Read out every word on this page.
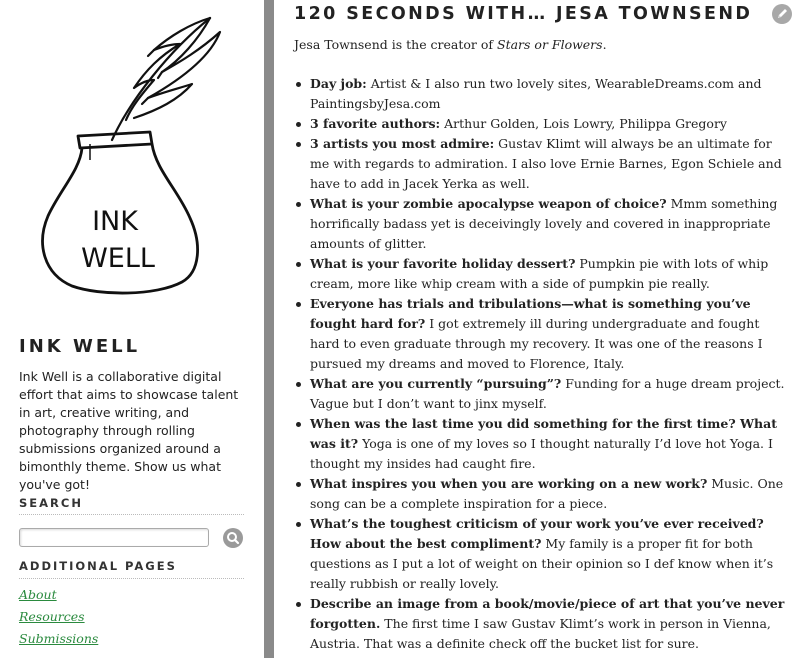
INK
WELL
INK WELL

Ink Well is a collaborative digital effort that aims to showcase talent in art, creative writing, and photography through rolling submissions organized around a bimonthly theme. Show us what you've got!

SEARCH
ADDITIONAL PAGES
About
Resources
Submissions
120 SECONDS WITH… JESA TOWNSEND

Jesa Townsend is the creator of Stars or Flowers.

Day job: Artist & I also run two lovely sites, WearableDreams.com and PaintingsbyJesa.com
3 favorite authors: Arthur Golden, Lois Lowry, Philippa Gregory
3 artists you most admire: Gustav Klimt will always be an ultimate for me with regards to admiration. I also love Ernie Barnes, Egon Schiele and have to add in Jacek Yerka as well.
What is your zombie apocalypse weapon of choice? Mmm something horrifically badass yet is deceivingly lovely and covered in inappropriate amounts of glitter.
What is your favorite holiday dessert? Pumpkin pie with lots of whip cream, more like whip cream with a side of pumpkin pie really.
Everyone has trials and tribulations—what is something you’ve fought hard for? I got extremely ill during undergraduate and fought hard to even graduate through my recovery. It was one of the reasons I pursued my dreams and moved to Florence, Italy.
What are you currently “pursuing”? Funding for a huge dream project. Vague but I don’t want to jinx myself.
When was the last time you did something for the first time? What was it? Yoga is one of my loves so I thought naturally I’d love hot Yoga. I thought my insides had caught fire.
What inspires you when you are working on a new work? Music. One song can be a complete inspiration for a piece.
What’s the toughest criticism of your work you’ve ever received? How about the best compliment? My family is a proper fit for both questions as I put a lot of weight on their opinion so I def know when it’s really rubbish or really lovely.
Describe an image from a book/movie/piece of art that you’ve never forgotten. The first time I saw Gustav Klimt’s work in person in Vienna, Austria. That was a definite check off the bucket list for sure.
